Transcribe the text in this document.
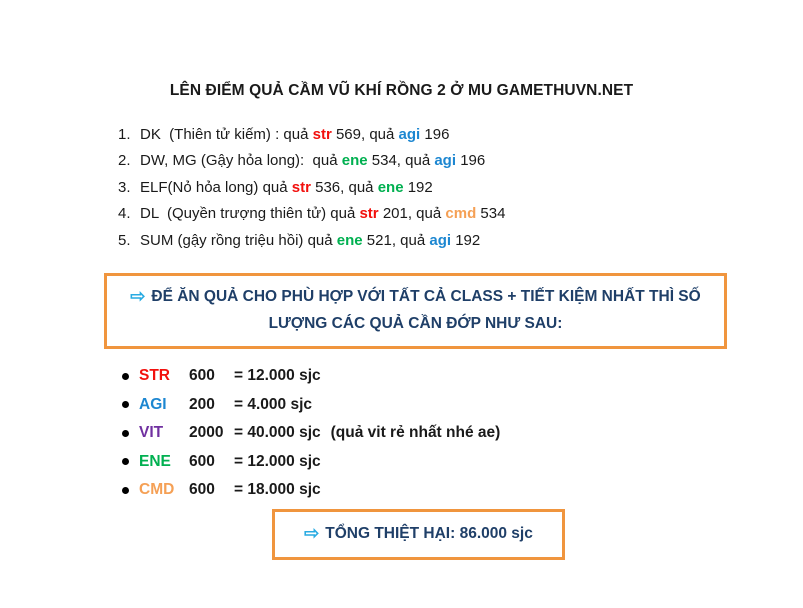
LÊN ĐIỂM QUẢ CẦM VŨ KHÍ RỒNG 2 Ở MU GAMETHUVN.NET
1. DK  (Thiên tử kiếm) : quả str 569, quả agi 196
2. DW, MG (Gậy hỏa long):  quả ene 534, quả agi 196
3. ELF(Nỏ hỏa long) quả str 536, quả ene 192
4. DL  (Quyền trượng thiên tử) quả str 201, quả cmd 534
5. SUM (gậy rồng triệu hồi) quả ene 521, quả agi 192
⇨ ĐỂ ĂN QUẢ CHO PHÙ HỢP VỚI TẤT CẢ CLASS + TIẾT KIỆM NHẤT THÌ SỐ LƯỢNG CÁC QUẢ CẦN ĐỚP NHƯ SAU:
STR	600	= 12.000 sjc
AGI	200	= 4.000 sjc
VIT	2000 = 40.000 sjc (quả vit rẻ nhất nhé ae)
ENE	600	= 12.000 sjc
CMD 600	= 18.000 sjc
⇨ TỔNG THIỆT HẠI: 86.000 sjc
